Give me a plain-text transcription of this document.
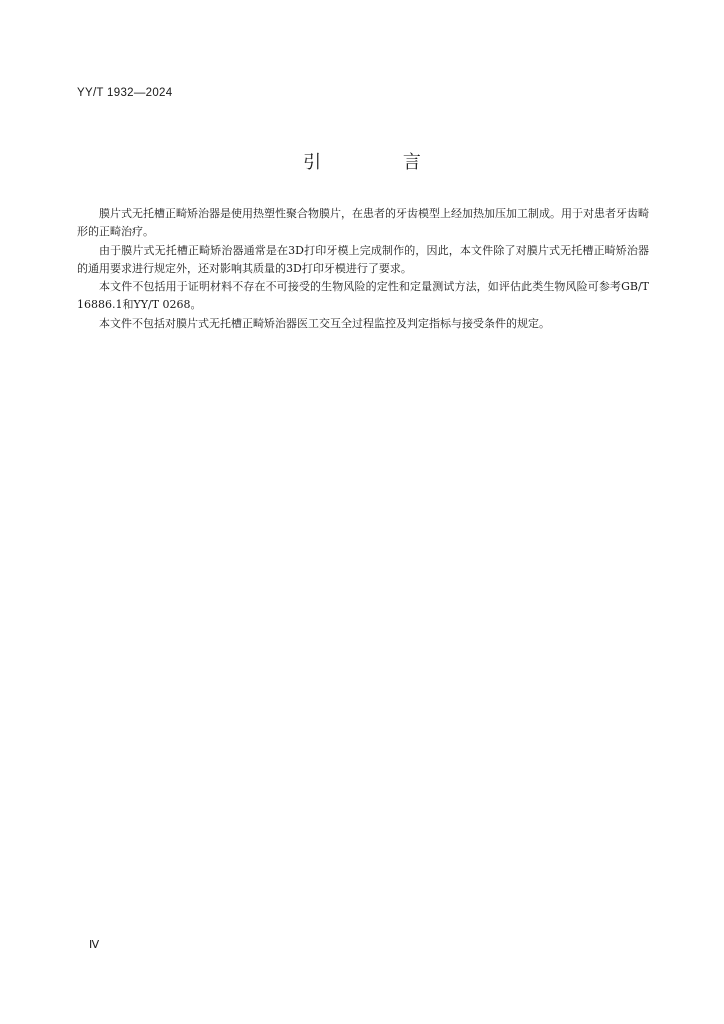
YY/T 1932—2024
引 言

膜片式无托槽正畸矫治器是使用热塑性聚合物膜片，在患者的牙齿模型上经加热加压加工制成。用于对患者牙齿畸形的正畸治疗。

由于膜片式无托槽正畸矫治器通常是在3D打印牙模上完成制作的，因此，本文件除了对膜片式无托槽正畸矫治器的通用要求进行规定外，还对影响其质量的3D打印牙模进行了要求。

本文件不包括用于证明材料不存在不可接受的生物风险的定性和定量测试方法，如评估此类生物风险可参考GB/T 16886.1和YY/T 0268。

本文件不包括对膜片式无托槽正畸矫治器医工交互全过程监控及判定指标与接受条件的规定。

Ⅳ
